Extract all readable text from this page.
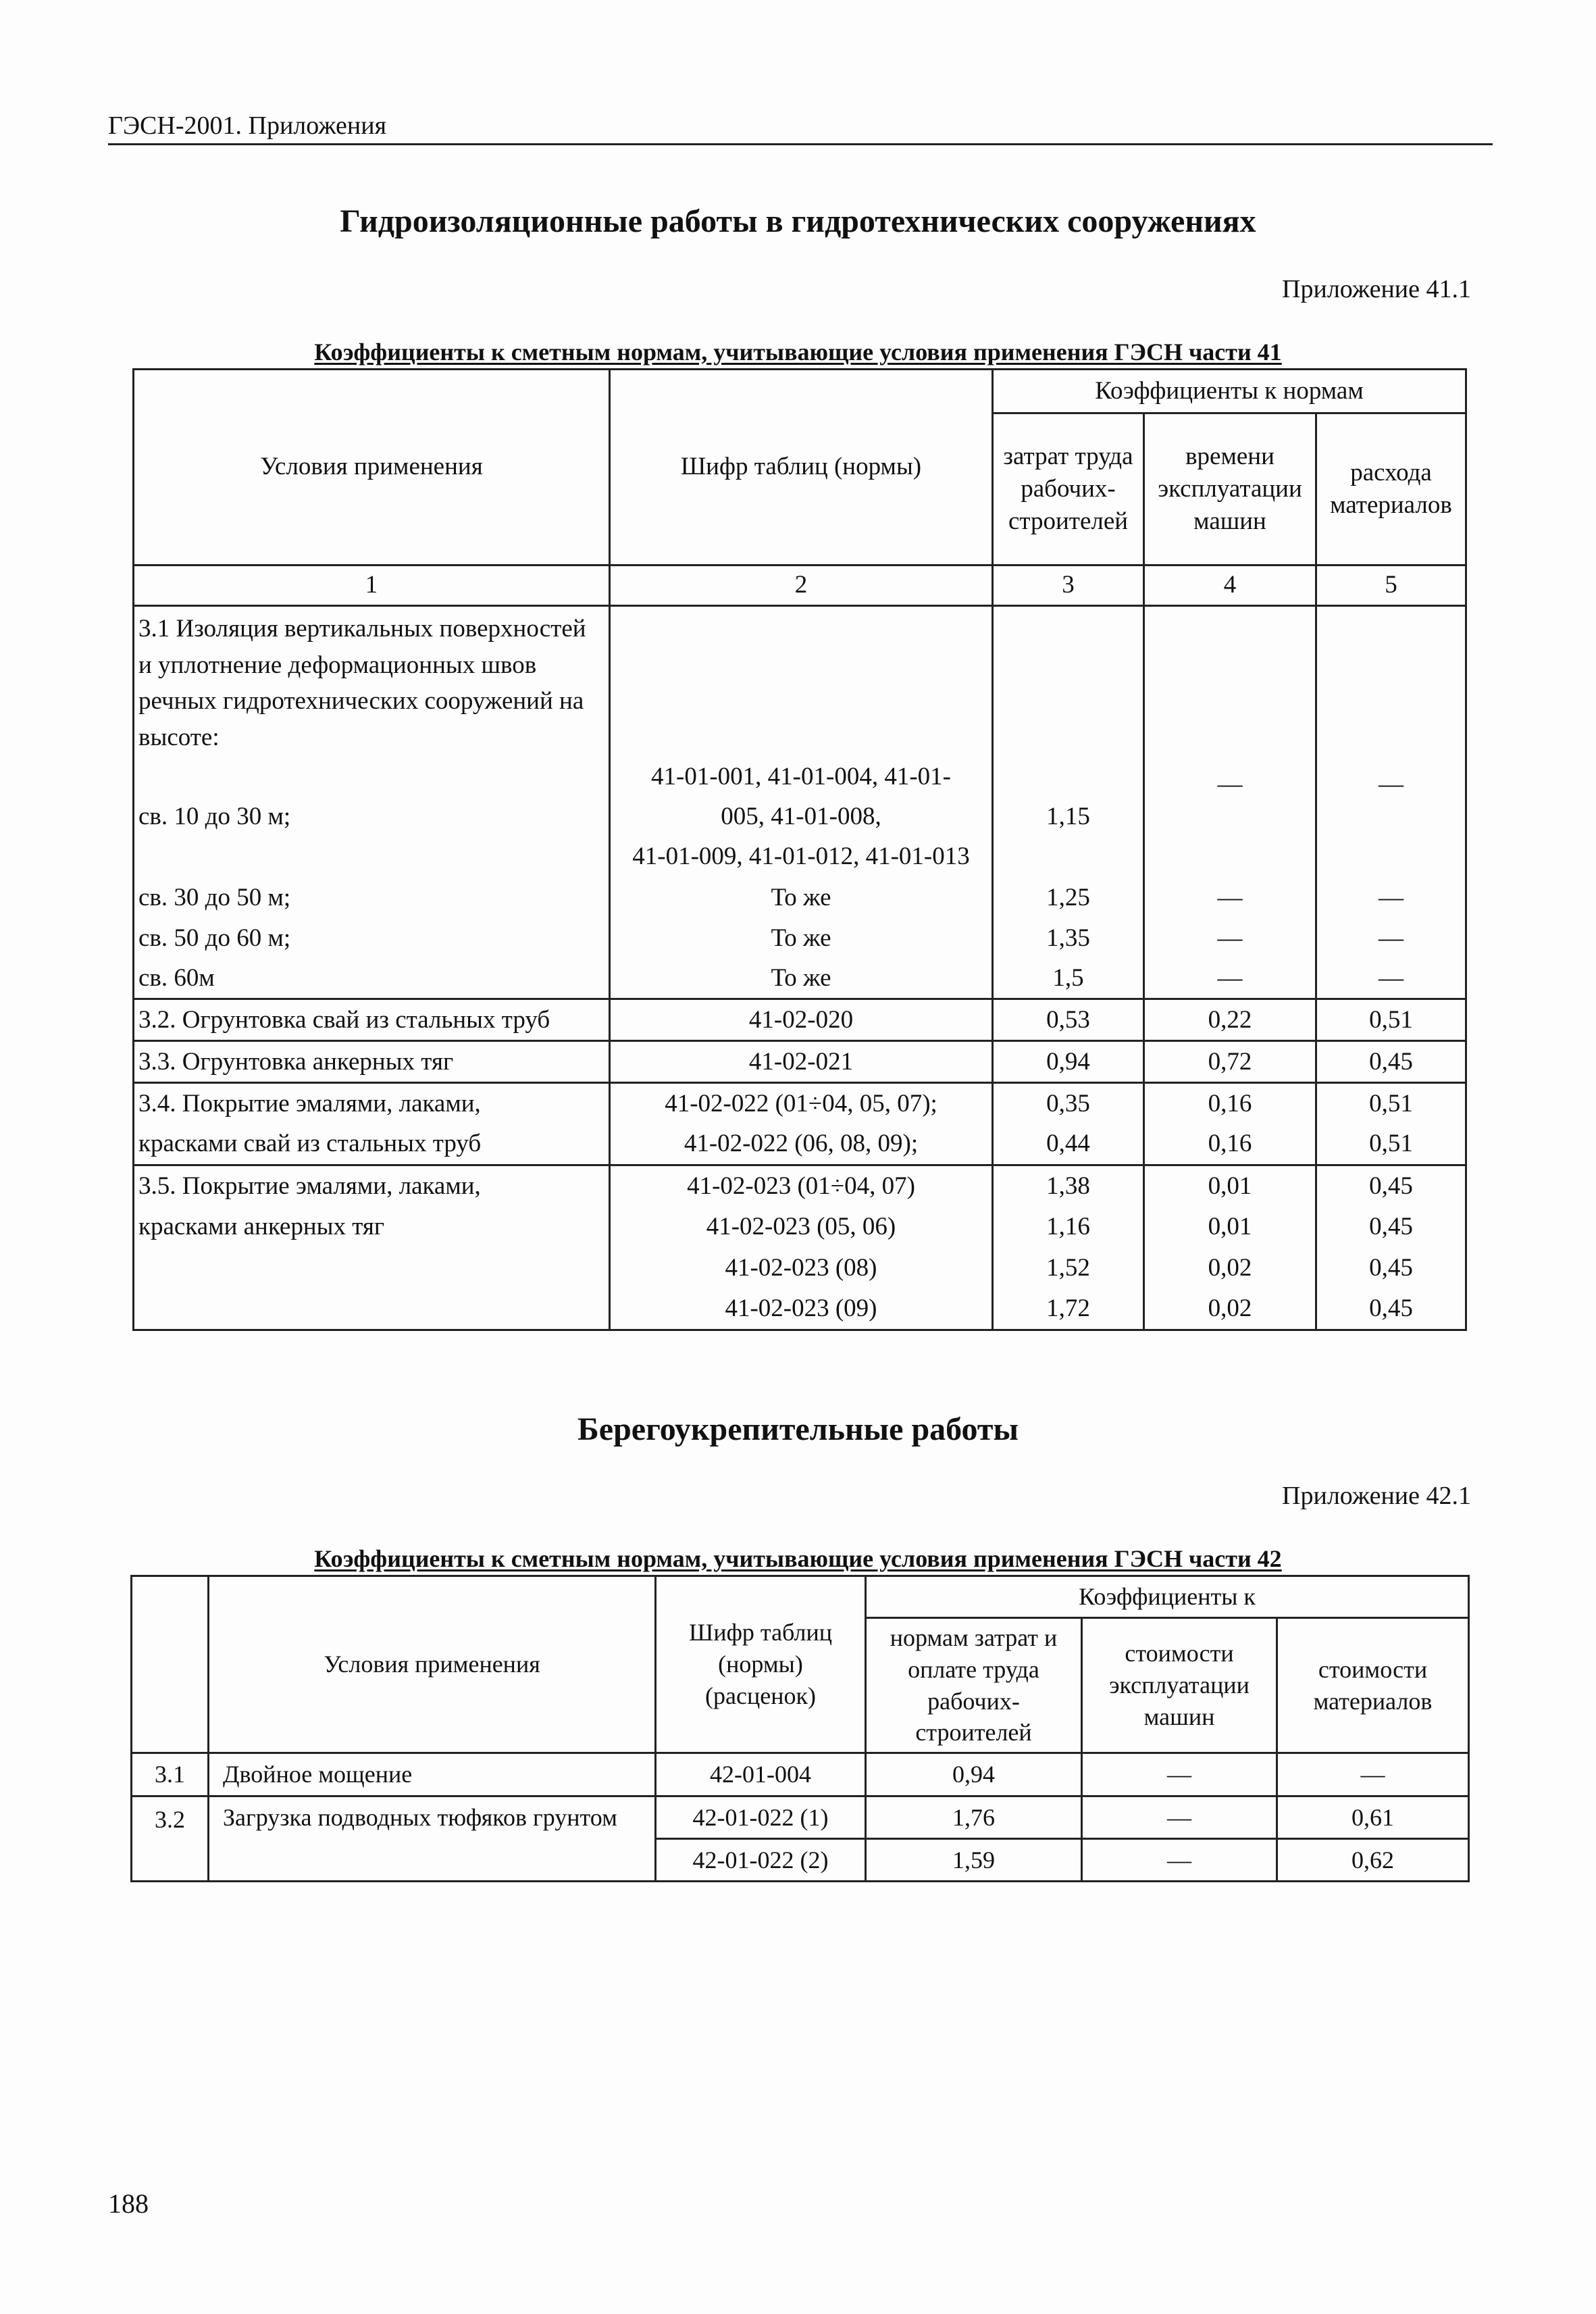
ГЭСН-2001. Приложения
Гидроизоляционные работы в гидротехнических сооружениях
Приложение 41.1
Коэффициенты к сметным нормам, учитывающие условия применения ГЭСН части 41
Условия применения	Шифр таблиц (нормы)	Коэффициенты к нормам		
		затрат труда рабочих-строителей	времени эксплуатации машин	расхода материалов
1	2	3	4	5
3.1 Изоляция вертикальных поверхностей и уплотнение деформационных швов речных гидротехнических сооружений на высоте:				
св. 10 до 30 м;	41-01-001, 41-01-004, 41-01-
005, 41-01-008,
41-01-009, 41-01-012, 41-01-013	1,15	—	—
св. 30 до 50 м;	То же	1,25	—	—
св. 50 до 60 м;	То же	1,35	—	—
св. 60м	То же	1,5	—	—
3.2. Огрунтовка свай из стальных труб	41-02-020	0,53	0,22	0,51
3.3. Огрунтовка анкерных тяг	41-02-021	0,94	0,72	0,45
3.4. Покрытие эмалями, лаками,	41-02-022 (01÷04, 05, 07);	0,35	0,16	0,51
красками свай из стальных труб	41-02-022 (06, 08, 09);	0,44	0,16	0,51
3.5. Покрытие эмалями, лаками,	41-02-023 (01÷04, 07)	1,38	0,01	0,45
красками анкерных тяг	41-02-023 (05, 06)	1,16	0,01	0,45
	41-02-023 (08)	1,52	0,02	0,45
	41-02-023 (09)	1,72	0,02	0,45
Берегоукрепительные работы
Приложение 42.1
Коэффициенты к сметным нормам, учитывающие условия применения ГЭСН части 42
	Условия применения	Шифр таблиц (нормы) (расценок)	Коэффициенты к		
			нормам затрат и оплате труда рабочих-строителей	стоимости эксплуатации машин	стоимости материалов
3.1	Двойное мощение	42-01-004	0,94	—	—
3.2	Загрузка подводных тюфяков грунтом	42-01-022 (1)	1,76	—	0,61
		42-01-022 (2)	1,59	—	0,62
188
